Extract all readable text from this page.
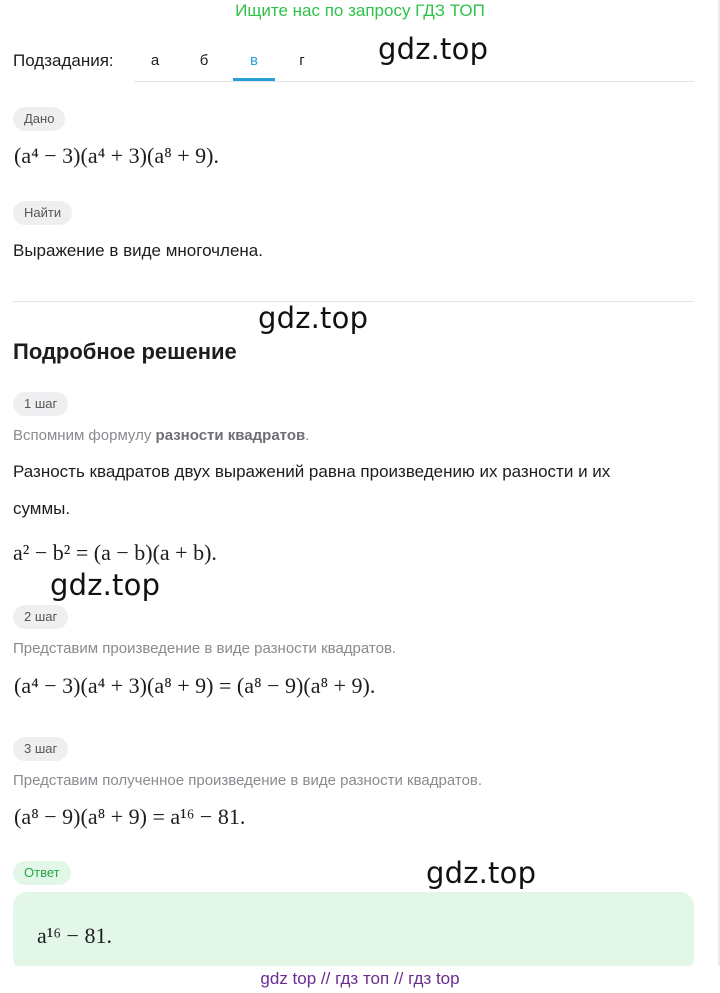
Ищите нас по запросу ГДЗ ТОП
Подзадания:	а	б	в	г	gdz.top
Дано
(a⁴ − 3)(a⁴ + 3)(a⁸ + 9).
Найти
Выражение в виде многочлена.
gdz.top
Подробное решение
1 шаг
Вспомним формулу разности квадратов.
Разность квадратов двух выражений равна произведению их разности и их
суммы.
a² − b² = (a − b)(a + b).
gdz.top
2 шаг
Представим произведение в виде разности квадратов.
(a⁴ − 3)(a⁴ + 3)(a⁸ + 9) = (a⁸ − 9)(a⁸ + 9).
3 шаг
Представим полученное произведение в виде разности квадратов.
(a⁸ − 9)(a⁸ + 9) = a¹⁶ − 81.
Ответ	gdz.top
a¹⁶ − 81.
gdz top // гдз топ // гдз top
